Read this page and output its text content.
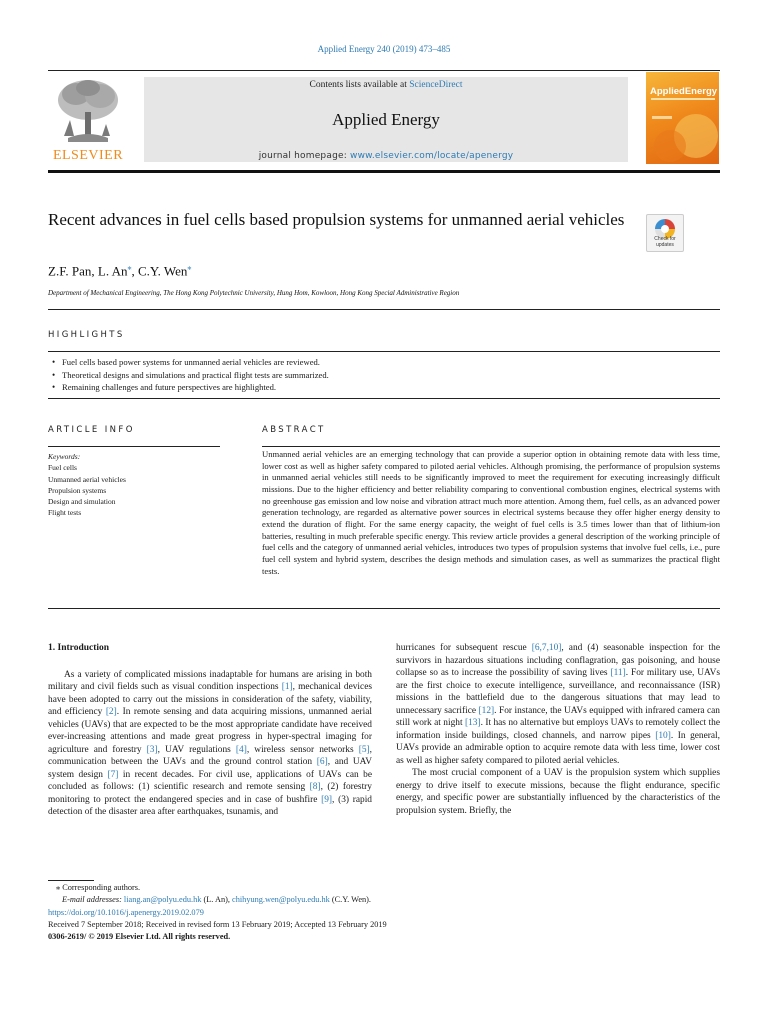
Applied Energy 240 (2019) 473–485
ELSEVIER
Contents lists available at ScienceDirect
Applied Energy
journal homepage: www.elsevier.com/locate/apenergy
AppliedEnergy
Recent advances in fuel cells based propulsion systems for unmanned aerial vehicles
Check for updates
Z.F. Pan, L. An⁎, C.Y. Wen⁎
Department of Mechanical Engineering, The Hong Kong Polytechnic University, Hung Hom, Kowloon, Hong Kong Special Administrative Region
HIGHLIGHTS
• Fuel cells based power systems for unmanned aerial vehicles are reviewed.
• Theoretical designs and simulations and practical flight tests are summarized.
• Remaining challenges and future perspectives are highlighted.
ARTICLE INFO	ABSTRACT
Keywords:
Fuel cells
Unmanned aerial vehicles
Propulsion systems
Design and simulation
Flight tests

Unmanned aerial vehicles are an emerging technology that can provide a superior option in obtaining remote data with less time, lower cost as well as higher safety compared to piloted aerial vehicles. Although promising, the performance of propulsion systems in unmanned aerial vehicles still needs to be significantly improved to meet the requirement for executing increasingly difficult missions. Due to the higher efficiency and better reliability comparing to conventional combustion engines, electrical systems with no greenhouse gas emission and low noise and vibration attract much more attention. Among them, fuel cells, as an advanced power generation technology, are regarded as alternative power sources in electrical systems because they offer higher energy density to extend the duration of flight. For the same energy capacity, the weight of fuel cells is 3.5 times lower than that of lithium-ion batteries, resulting in much preferable specific energy. This review article provides a general description of the working principle of fuel cells and the category of unmanned aerial vehicles, introduces two types of propulsion systems that involve fuel cells, i.e., pure fuel cell system and hybrid system, describes the design methods and simulation cases, as well as summarizes the practical flight tests.

1. Introduction

As a variety of complicated missions inadaptable for humans are arising in both military and civil fields such as visual condition inspections [1], mechanical devices have been adopted to carry out the missions in consideration of the safety, viability, and efficiency [2]. In remote sensing and data acquiring missions, unmanned aerial vehicles (UAVs) that are expected to be the most appropriate candidate have received ever-increasing attentions and made great progress in hyper-spectral imaging for agriculture and forestry [3], UAV regulations [4], wireless sensor networks [5], communication between the UAVs and the ground control station [6], and UAV system design [7] in recent decades. For civil use, applications of UAVs can be concluded as follows: (1) scientific research and remote sensing [8], (2) forestry monitoring to protect the endangered species and in case of bushfire [9], (3) rapid detection of the disaster area after earthquakes, tsunamis, and

hurricanes for subsequent rescue [6,7,10], and (4) seasonable inspection for the survivors in hazardous situations including conflagration, gas poisoning, and house collapse so as to increase the possibility of saving lives [11]. For military use, UAVs are the first choice to execute intelligence, surveillance, and reconnaissance (ISR) missions in the battlefield due to the dangerous situations that may lead to unnecessary sacrifice [12]. For instance, the UAVs equipped with infrared camera can still work at night [13]. It has no alternative but employs UAVs to remotely collect the information inside buildings, closed channels, and narrow pipes [10]. In general, UAVs provide an admirable option to acquire remote data with less time, lower cost as well as higher safety compared to piloted aerial vehicles.

The most crucial component of a UAV is the propulsion system which supplies energy to drive itself to execute missions, because the flight endurance, specific energy, and specific power are substantially influenced by the characteristics of the propulsion system. Briefly, the

⁎ Corresponding authors.

E-mail addresses: liang.an@polyu.edu.hk (L. An), chihyung.wen@polyu.edu.hk (C.Y. Wen).

https://doi.org/10.1016/j.apenergy.2019.02.079

Received 7 September 2018; Received in revised form 13 February 2019; Accepted 13 February 2019

0306-2619/ © 2019 Elsevier Ltd. All rights reserved.
